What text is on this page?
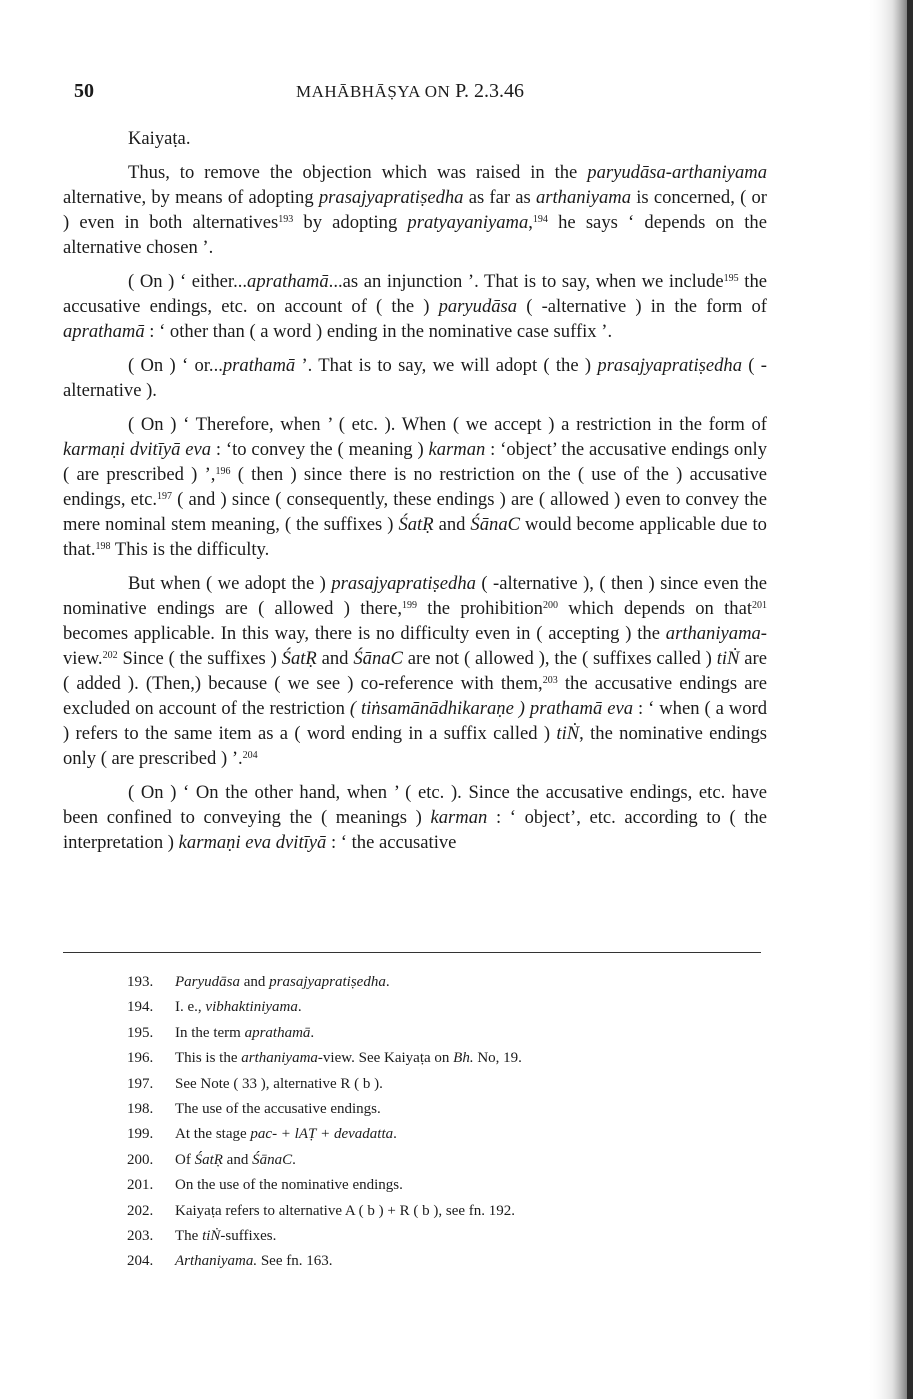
50	MAHĀBHĀṢYA ON P. 2.3.46

Kaiyaṭa.

Thus, to remove the objection which was raised in the paryudāsa-arthaniyama alternative, by means of adopting prasajyapratiṣedha as far as arthaniyama is concerned, ( or ) even in both alternatives$^{193}$ by adopting pratyayaniyama,$^{194}$ he says ‘ depends on the alternative chosen ’.

( On ) ‘ either...aprathamā...as an injunction ’. That is to say, when we include$^{195}$ the accusative endings, etc. on account of ( the ) paryudāsa ( -alternative ) in the form of aprathamā : ‘ other than ( a word ) ending in the nominative case suffix ’.

( On ) ‘ or...prathamā ’. That is to say, we will adopt ( the ) prasajyapratiṣedha ( -alternative ).

( On ) ‘ Therefore, when ’ ( etc. ). When ( we accept ) a restriction in the form of karmaṇi dvitīyā eva : ‘to convey the ( meaning ) karman : ‘object’ the accusative endings only ( are prescribed ) ’,$^{196}$ ( then ) since there is no restriction on the ( use of the ) accusative endings, etc.$^{197}$ ( and ) since ( consequently, these endings ) are ( allowed ) even to convey the mere nominal stem meaning, ( the suffixes ) ŚatṚ and ŚānaC would become applicable due to that.$^{198}$ This is the difficulty.

But when ( we adopt the ) prasajyapratiṣedha ( -alternative ), ( then ) since even the nominative endings are ( allowed ) there,$^{199}$ the prohibition$^{200}$ which depends on that$^{201}$ becomes applicable. In this way, there is no difficulty even in ( accepting ) the arthaniyama-view.$^{202}$ Since ( the suffixes ) ŚatṚ and ŚānaC are not ( allowed ), the ( suffixes called ) tiṄ are ( added ). (Then,) because ( we see ) co-reference with them,$^{203}$ the accusative endings are excluded on account of the restriction ( tiṅsamānādhikaraṇe ) prathamā eva : ‘ when ( a word ) refers to the same item as a ( word ending in a suffix called ) tiṄ, the nominative endings only ( are prescribed ) ’.$^{204}$

( On ) ‘ On the other hand, when ’ ( etc. ). Since the accusative endings, etc. have been confined to conveying the ( meanings ) karman : ‘ object’, etc. according to ( the interpretation ) karmaṇi eva dvitīyā : ‘ the accusative

193.	Paryudāsa and prasajyapratiṣedha.
194.	I. e., vibhaktiniyama.
195.	In the term aprathamā.
196.	This is the arthaniyama-view. See Kaiyaṭa on Bh. No, 19.
197.	See Note ( 33 ), alternative R ( b ).
198.	The use of the accusative endings.
199.	At the stage pac- + lAṬ + devadatta.
200.	Of ŚatṚ and ŚānaC.
201.	On the use of the nominative endings.
202.	Kaiyaṭa refers to alternative A ( b ) + R ( b ), see fn. 192.
203.	The tiṄ-suffixes.
204.	Arthaniyama. See fn. 163.
